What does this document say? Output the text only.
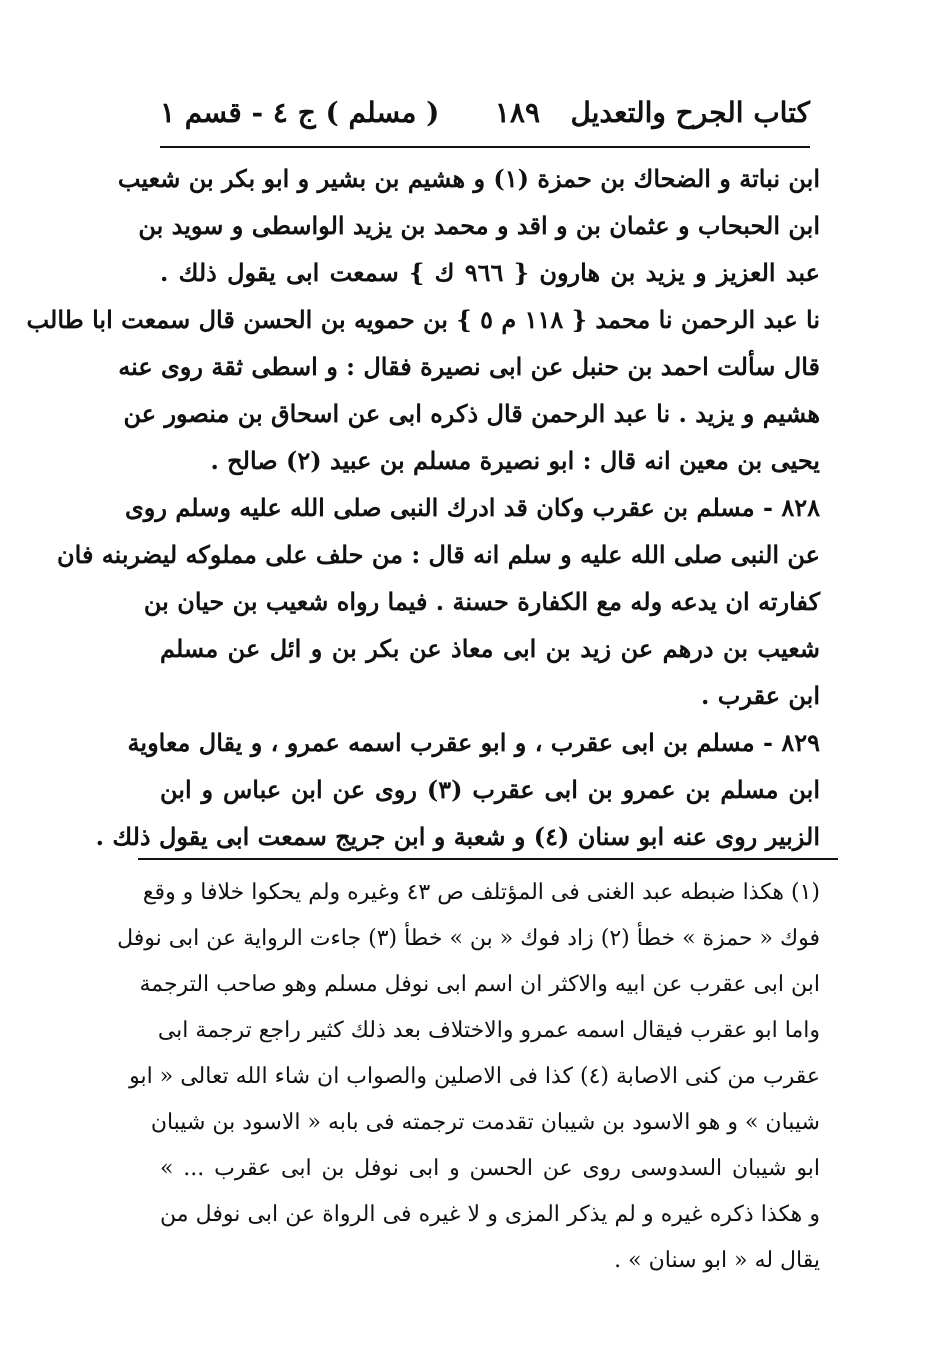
كتاب الجرح والتعديل
١٨٩
( مسلم ) ج ٤ - قسم ١
ابن نباتة و الضحاك بن حمزة (١) و هشيم بن بشير و ابو بكر بن شعيب
ابن الحبحاب و عثمان بن و اقد و محمد بن يزيد الواسطى و سويد بن
عبد العزيز و يزيد بن هارون { ٩٦٦ ك } سمعت ابى يقول ذلك .
نا عبد الرحمن نا محمد { ١١٨ م ٥ } بن حمويه بن الحسن قال سمعت ابا طالب
قال سألت احمد بن حنبل عن ابى نصيرة فقال : و اسطى ثقة روى عنه
هشيم و يزيد . نا عبد الرحمن قال ذكره ابى عن اسحاق بن منصور عن
يحيى بن معين انه قال : ابو نصيرة مسلم بن عبيد (٢) صالح .
٨٢٨ - مسلم بن عقرب وكان قد ادرك النبى صلى الله عليه وسلم روى
عن النبى صلى الله عليه و سلم انه قال : من حلف على مملوكه ليضربنه فان
كفارته ان يدعه وله مع الكفارة حسنة . فيما رواه شعيب بن حيان بن
شعيب بن درهم عن زيد بن ابى معاذ عن بكر بن و ائل عن مسلم
ابن عقرب .
٨٢٩ - مسلم بن ابى عقرب ، و ابو عقرب اسمه عمرو ، و يقال معاوية
ابن مسلم بن عمرو بن ابى عقرب (٣) روى عن ابن عباس و ابن
الزبير روى عنه ابو سنان (٤) و شعبة و ابن جريج سمعت ابى يقول ذلك .
(١) هكذا ضبطه عبد الغنى فى المؤتلف ص ٤٣ وغيره ولم يحكوا خلافا و وقع
فوك « حمزة » خطأ (٢) زاد فوك « بن » خطأ (٣) جاءت الرواية عن ابى نوفل
ابن ابى عقرب عن ابيه والاكثر ان اسم ابى نوفل مسلم وهو صاحب الترجمة
واما ابو عقرب فيقال اسمه عمرو والاختلاف بعد ذلك كثير راجع ترجمة ابى
عقرب من كنى الاصابة (٤) كذا فى الاصلين والصواب ان شاء الله تعالى « ابو
شيبان » و هو الاسود بن شيبان تقدمت ترجمته فى بابه « الاسود بن شيبان
ابو شيبان السدوسى روى عن الحسن و ابى نوفل بن ابى عقرب ... »
و هكذا ذكره غيره و لم يذكر المزى و لا غيره فى الرواة عن ابى نوفل من
يقال له « ابو سنان » .
